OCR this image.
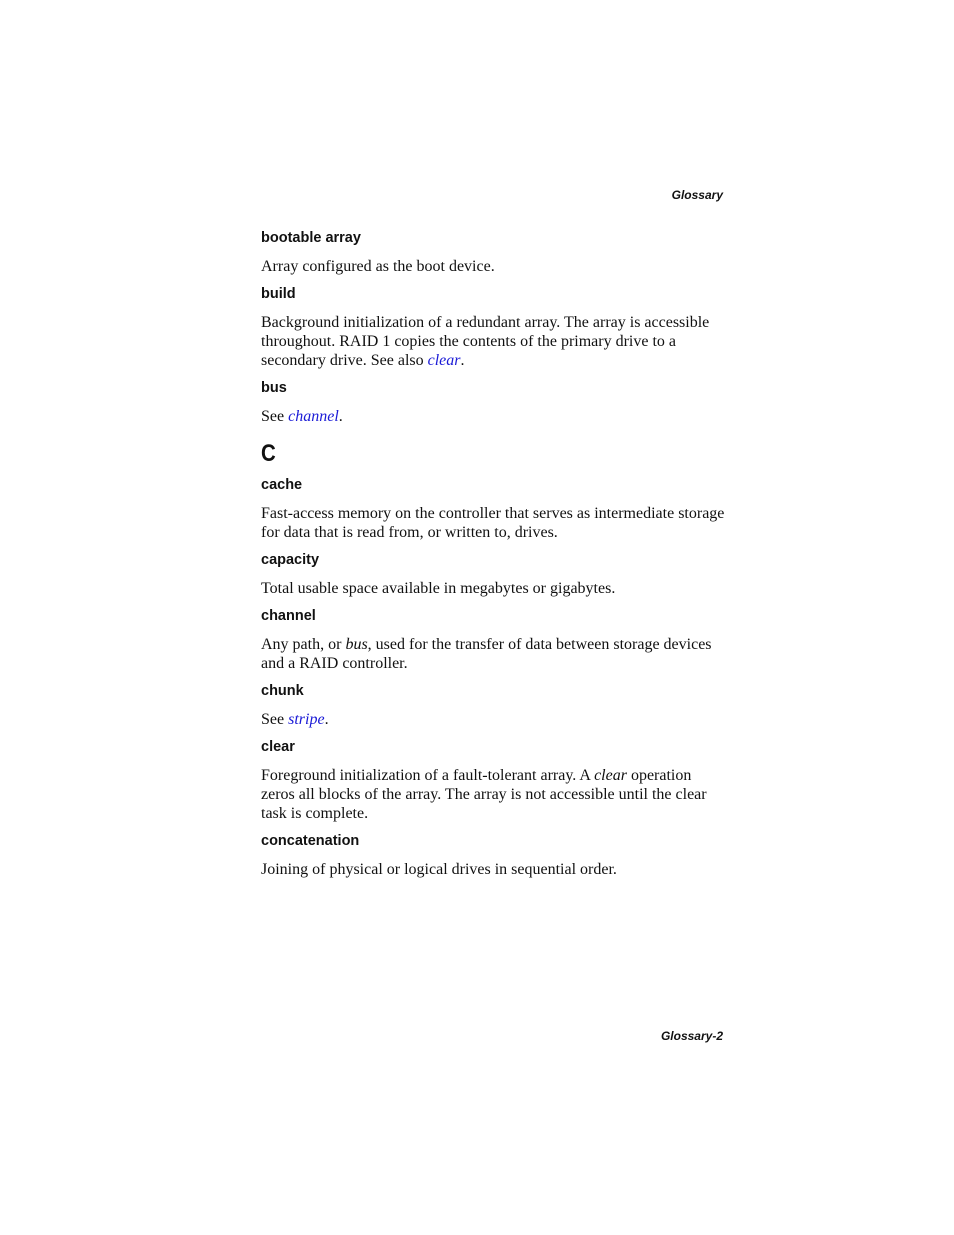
Glossary

bootable array

Array configured as the boot device.

build

Background initialization of a redundant array. The array is accessible throughout. RAID 1 copies the contents of the primary drive to a secondary drive. See also clear.

bus

See channel.

C

cache

Fast-access memory on the controller that serves as intermediate storage for data that is read from, or written to, drives.

capacity

Total usable space available in megabytes or gigabytes.

channel

Any path, or bus, used for the transfer of data between storage devices and a RAID controller.

chunk

See stripe.

clear

Foreground initialization of a fault-tolerant array. A clear operation zeros all blocks of the array. The array is not accessible until the clear task is complete.

concatenation

Joining of physical or logical drives in sequential order.

Glossary-2
